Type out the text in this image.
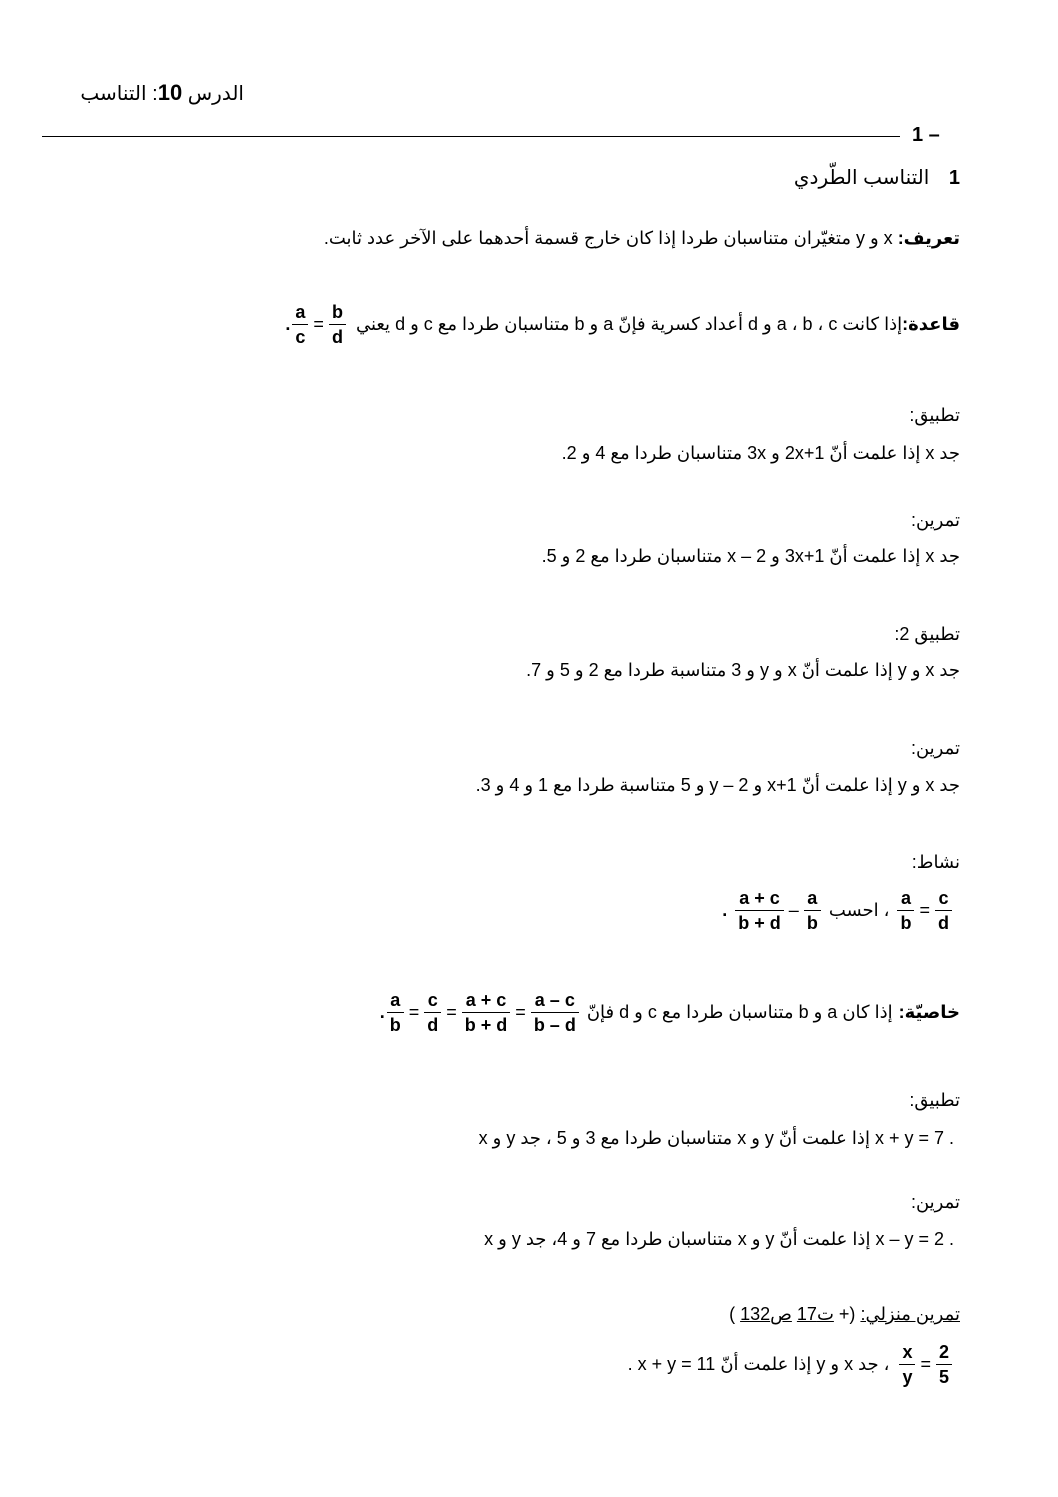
الدرس 10: التناسب
1 –
1 التناسب الطّردي
تعريف: x و y متغيّران متناسبان طردا إذا كان خارج قسمة أحدهما على الآخر عدد ثابت.
قاعدة:
إذا كانت a ، b ، c و d أعداد كسرية فإنّ a و b متناسبان طردا مع c و d يعني
. $\frac{a}{c} = \frac{b}{d}$
تطبيق:
جد x إذا علمت أنّ 2x+1 و 3x متناسبان طردا مع 4 و 2.
تمرين:
جد x إذا علمت أنّ 3x+1 و x – 2 متناسبان طردا مع 2 و 5.
تطبيق 2:
جد x و y إذا علمت أنّ x و y و 3 متناسبة طردا مع 2 و 5 و 7.
تمرين:
جد x و y إذا علمت أنّ x+1 و y – 2 و 5 متناسبة طردا مع 1 و 4 و 3.
نشاط:
. $\frac{a + c}{b + d} - \frac{a}{b}$ ، احسب $\frac{a}{b} = \frac{c}{d}$
خاصيّة:
إذا كان a و b متناسبان طردا مع c و d فإنّ
. $\frac{a}{b} = \frac{c}{d} = \frac{a + c}{b + d} = \frac{a - c}{b - d}$
تطبيق:
x و y متناسبان طردا مع 3 و 5 ، جد x و y إذا علمت أنّ x + y = 7 .
تمرين:
x و y متناسبان طردا مع 7 و 4، جد x و y إذا علمت أنّ x – y = 2 .
تمرين منزلي: (+ ت17 ص132 )
$\frac{x}{y} = \frac{2}{5}$
، جد x و y إذا علمت أنّ x + y = 11 .
